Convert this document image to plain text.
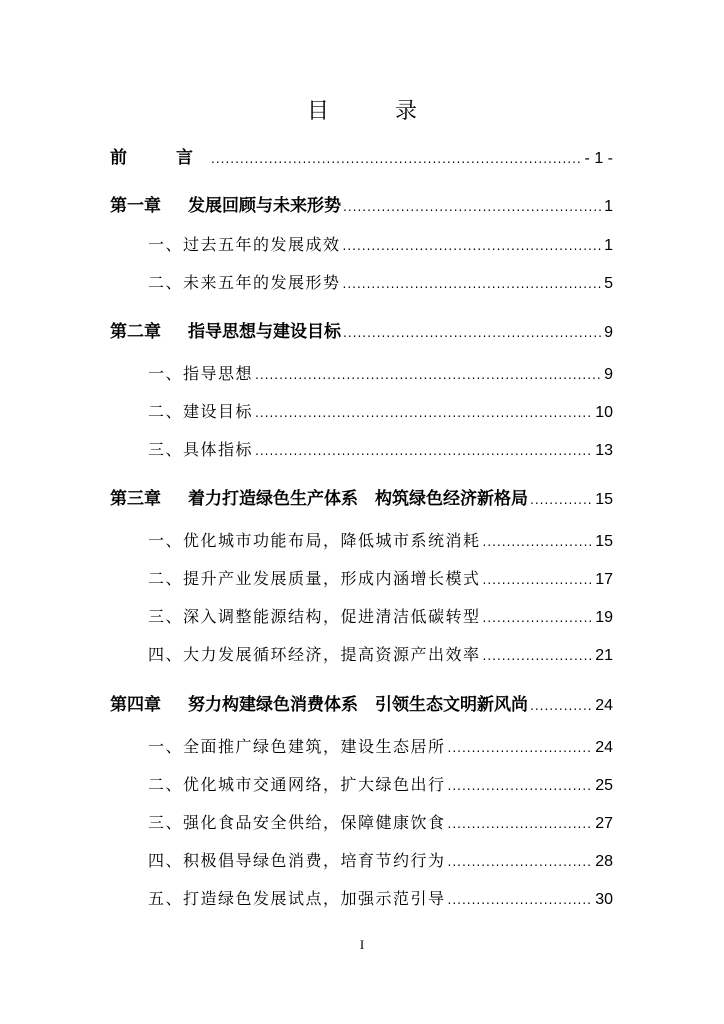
目　录
前　言 .....	- 1 -
第一章 发展回顾与未来形势 .....	1
一、过去五年的发展成效 .....	1
二、未来五年的发展形势 .....	5
第二章 指导思想与建设目标 .....	9
一、指导思想 .....	9
二、建设目标 .....	10
三、具体指标 .....	13
第三章 着力打造绿色生产体系　构筑绿色经济新格局 .....	15
一、优化城市功能布局，降低城市系统消耗 .....	15
二、提升产业发展质量，形成内涵增长模式 .....	17
三、深入调整能源结构，促进清洁低碳转型 .....	19
四、大力发展循环经济，提高资源产出效率 .....	21
第四章 努力构建绿色消费体系　引领生态文明新风尚 .....	24
一、全面推广绿色建筑，建设生态居所 .....	24
二、优化城市交通网络，扩大绿色出行 .....	25
三、强化食品安全供给，保障健康饮食 .....	27
四、积极倡导绿色消费，培育节约行为 .....	28
五、打造绿色发展试点，加强示范引导 .....	30
I
